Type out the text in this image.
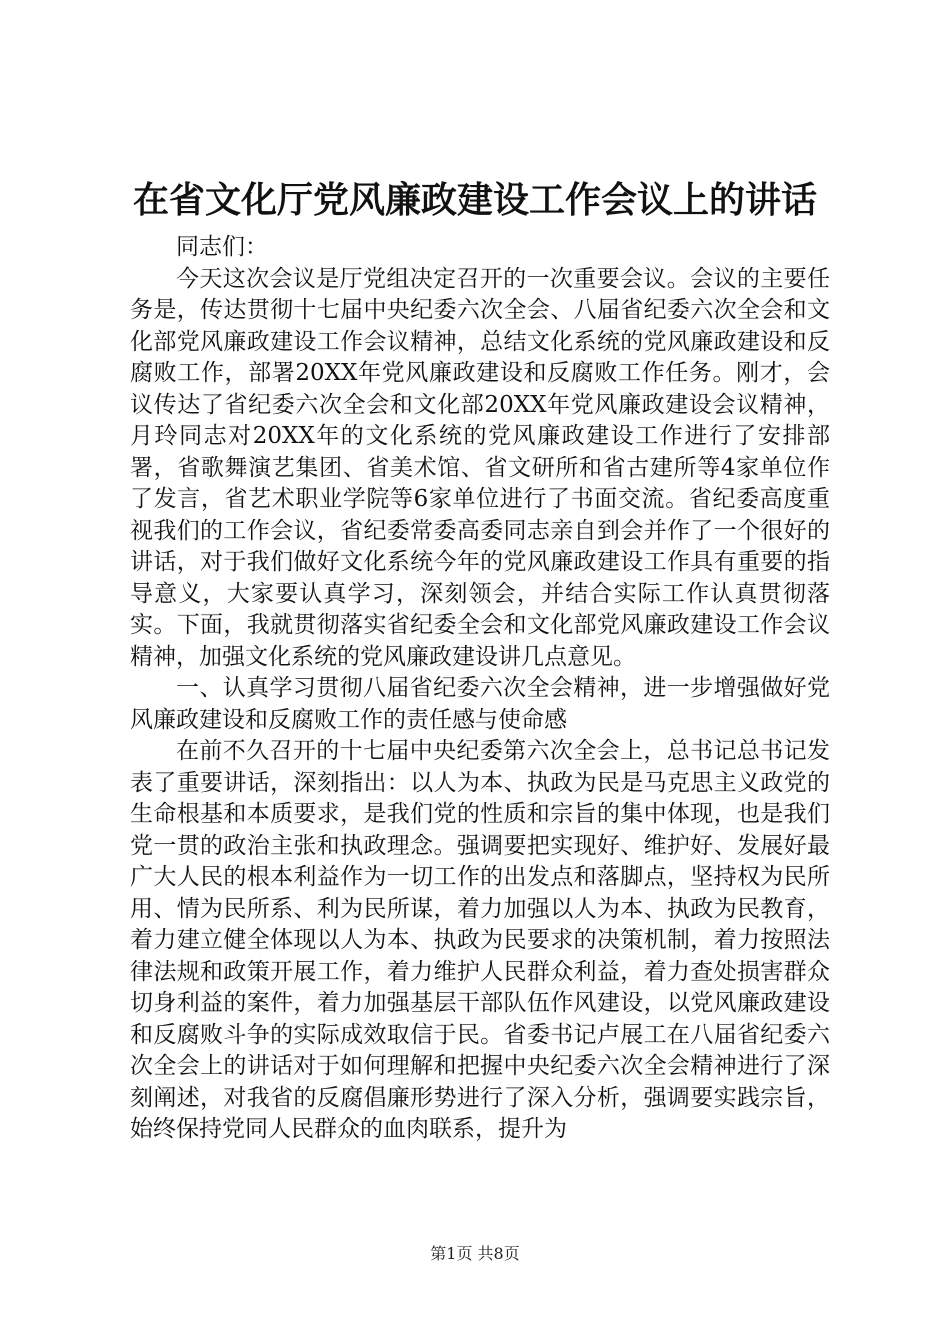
在省文化厅党风廉政建设工作会议上的讲话

同志们：

今天这次会议是厅党组决定召开的一次重要会议。会议的主要任务是，传达贯彻十七届中央纪委六次全会、八届省纪委六次全会和文化部党风廉政建设工作会议精神，总结文化系统的党风廉政建设和反腐败工作，部署20XX年党风廉政建设和反腐败工作任务。刚才，会议传达了省纪委六次全会和文化部20XX年党风廉政建设会议精神，月玲同志对20XX年的文化系统的党风廉政建设工作进行了安排部署，省歌舞演艺集团、省美术馆、省文研所和省古建所等4家单位作了发言，省艺术职业学院等6家单位进行了书面交流。省纪委高度重视我们的工作会议，省纪委常委高委同志亲自到会并作了一个很好的讲话，对于我们做好文化系统今年的党风廉政建设工作具有重要的指导意义，大家要认真学习，深刻领会，并结合实际工作认真贯彻落实。下面，我就贯彻落实省纪委全会和文化部党风廉政建设工作会议精神，加强文化系统的党风廉政建设讲几点意见。

一、认真学习贯彻八届省纪委六次全会精神，进一步增强做好党风廉政建设和反腐败工作的责任感与使命感

在前不久召开的十七届中央纪委第六次全会上，总书记总书记发表了重要讲话，深刻指出：以人为本、执政为民是马克思主义政党的生命根基和本质要求，是我们党的性质和宗旨的集中体现，也是我们党一贯的政治主张和执政理念。强调要把实现好、维护好、发展好最广大人民的根本利益作为一切工作的出发点和落脚点，坚持权为民所用、情为民所系、利为民所谋，着力加强以人为本、执政为民教育，着力建立健全体现以人为本、执政为民要求的决策机制，着力按照法律法规和政策开展工作，着力维护人民群众利益，着力查处损害群众切身利益的案件，着力加强基层干部队伍作风建设，以党风廉政建设和反腐败斗争的实际成效取信于民。省委书记卢展工在八届省纪委六次全会上的讲话对于如何理解和把握中央纪委六次全会精神进行了深刻阐述，对我省的反腐倡廉形势进行了深入分析，强调要实践宗旨，始终保持党同人民群众的血肉联系，提升为

第1页 共8页
